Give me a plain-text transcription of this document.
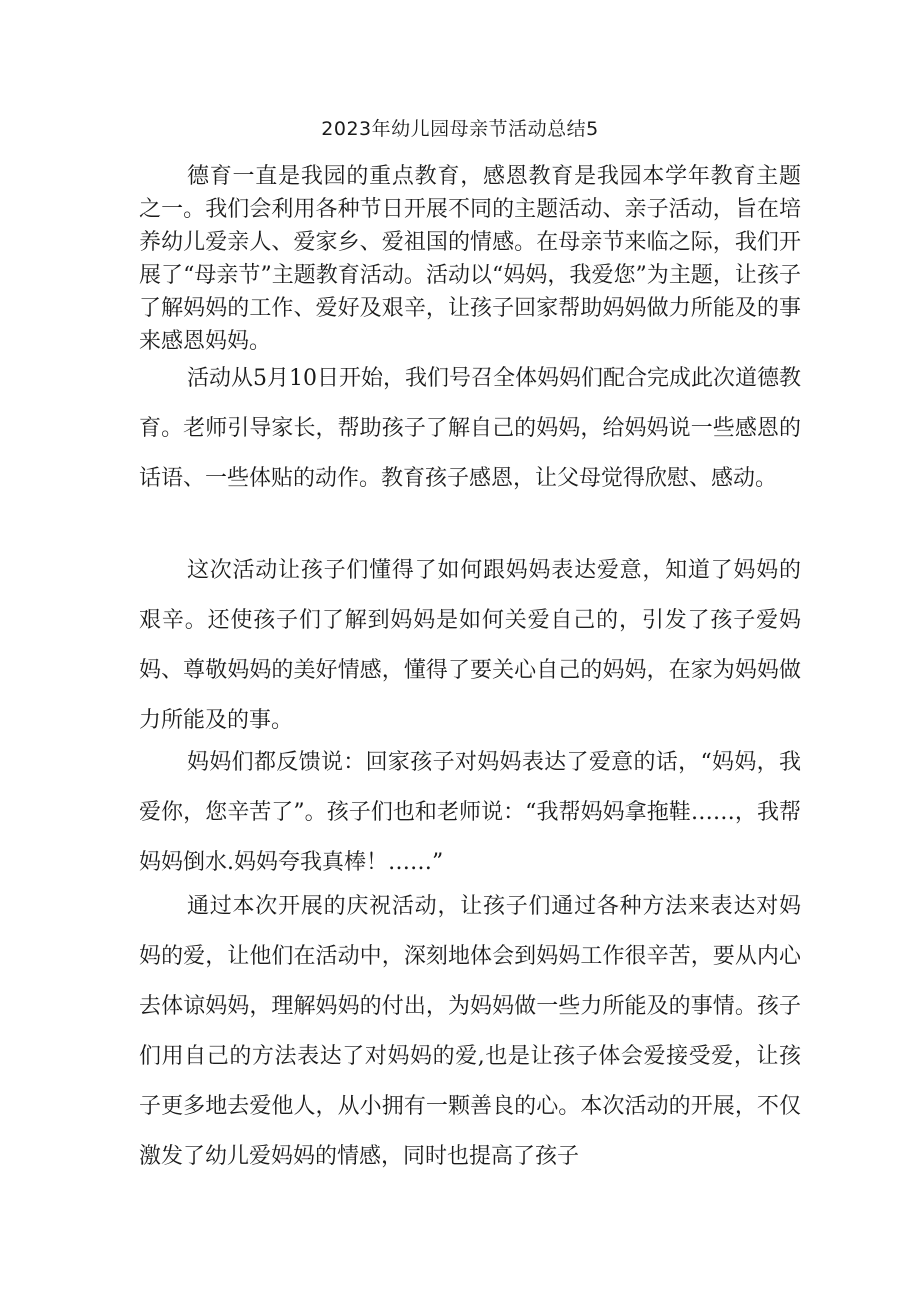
2023年幼儿园母亲节活动总结5

德育一直是我园的重点教育，感恩教育是我园本学年教育主题之一。我们会利用各种节日开展不同的主题活动、亲子活动，旨在培养幼儿爱亲人、爱家乡、爱祖国的情感。在母亲节来临之际，我们开展了“母亲节”主题教育活动。活动以“妈妈，我爱您”为主题，让孩子了解妈妈的工作、爱好及艰辛，让孩子回家帮助妈妈做力所能及的事来感恩妈妈。

活动从5月10日开始，我们号召全体妈妈们配合完成此次道德教育。老师引导家长，帮助孩子了解自己的妈妈，给妈妈说一些感恩的话语、一些体贴的动作。教育孩子感恩，让父母觉得欣慰、感动。

这次活动让孩子们懂得了如何跟妈妈表达爱意，知道了妈妈的艰辛。还使孩子们了解到妈妈是如何关爱自己的，引发了孩子爱妈妈、尊敬妈妈的美好情感，懂得了要关心自己的妈妈，在家为妈妈做力所能及的事。

妈妈们都反馈说：回家孩子对妈妈表达了爱意的话，“妈妈，我爱你，您辛苦了”。孩子们也和老师说：“我帮妈妈拿拖鞋……，我帮妈妈倒水.妈妈夸我真棒！……”

通过本次开展的庆祝活动，让孩子们通过各种方法来表达对妈妈的爱，让他们在活动中，深刻地体会到妈妈工作很辛苦，要从内心去体谅妈妈，理解妈妈的付出，为妈妈做一些力所能及的事情。孩子们用自己的方法表达了对妈妈的爱,也是让孩子体会爱接受爱，让孩子更多地去爱他人，从小拥有一颗善良的心。本次活动的开展，不仅激发了幼儿爱妈妈的情感，同时也提高了孩子
